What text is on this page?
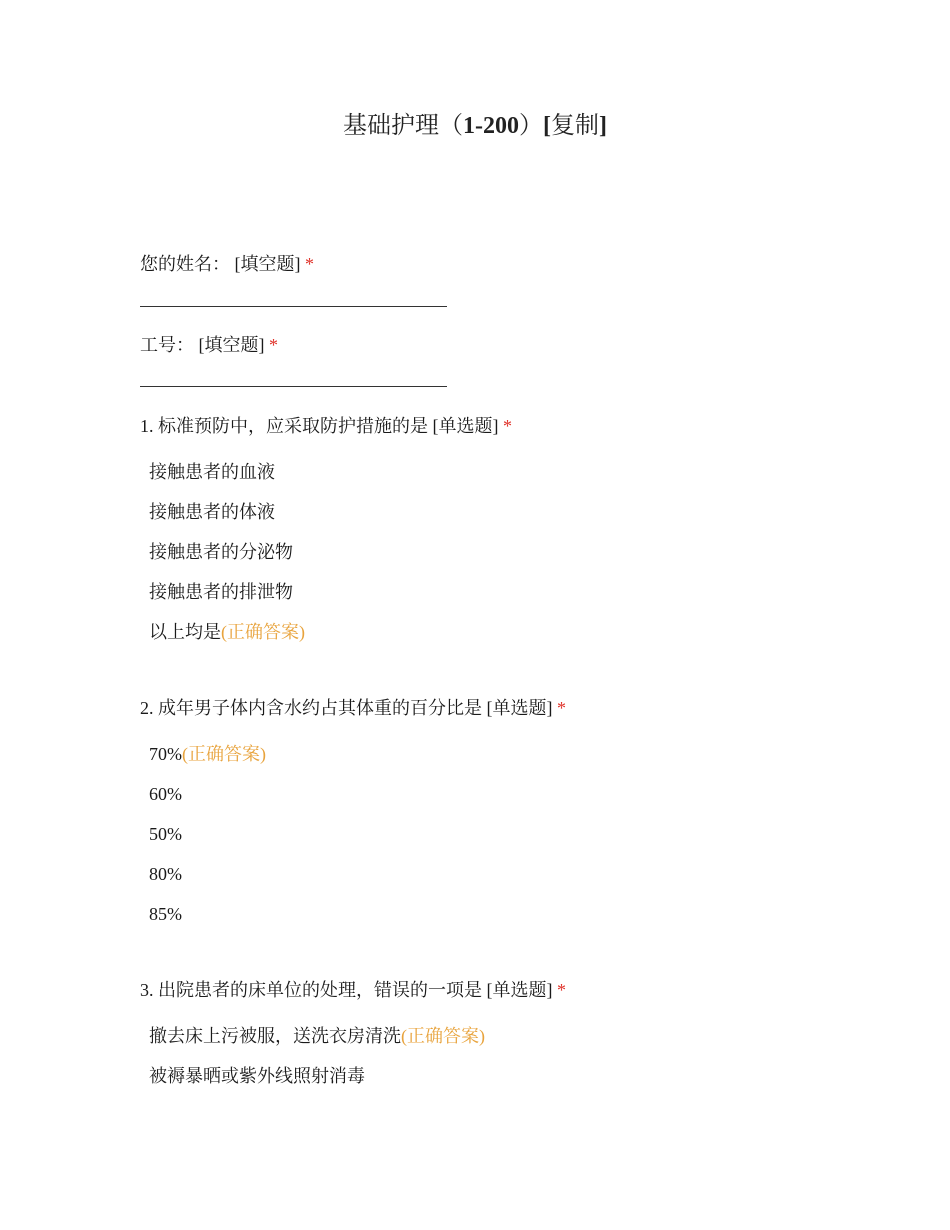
基础护理（1-200）[复制]
您的姓名： [填空题] *
工号： [填空题] *
1. 标准预防中，应采取防护措施的是 [单选题] *
接触患者的血液
接触患者的体液
接触患者的分泌物
接触患者的排泄物
以上均是(正确答案)
2. 成年男子体内含水约占其体重的百分比是 [单选题] *
70%(正确答案)
60%
50%
80%
85%
3. 出院患者的床单位的处理，错误的一项是 [单选题] *
撤去床上污被服，送洗衣房清洗(正确答案)
被褥暴晒或紫外线照射消毒
